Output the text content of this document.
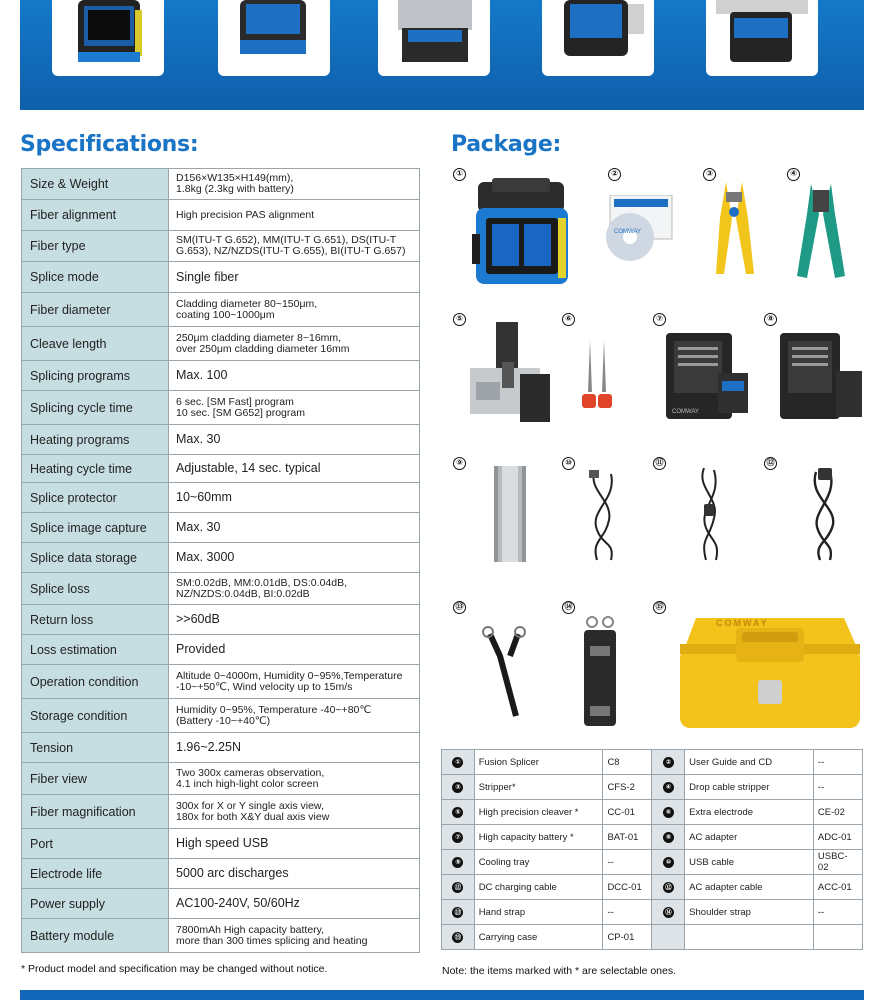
Specifications:
Size & Weight	D156×W135×H149(mm),
1.8kg (2.3kg with battery)
Fiber alignment	High precision PAS alignment
Fiber type	SM(ITU-T G.652), MM(ITU-T G.651), DS(ITU-T G.653), NZ/NZDS(ITU-T G.655), BI(ITU-T G.657)
Splice mode	Single fiber
Fiber diameter	Cladding diameter 80~150μm,
coating 100~1000μm
Cleave length	250μm cladding diameter 8~16mm,
over 250μm cladding diameter 16mm
Splicing programs	Max. 100
Splicing cycle time	6 sec. [SM Fast] program
10 sec. [SM G652] program
Heating programs	Max. 30
Heating cycle time	Adjustable, 14 sec. typical
Splice protector	10~60mm
Splice image capture	Max. 30
Splice data storage	Max. 3000
Splice loss	SM:0.02dB, MM:0.01dB, DS:0.04dB,
NZ/NZDS:0.04dB, BI:0.02dB
Return loss	>>60dB
Loss estimation	Provided
Operation condition	Altitude 0~4000m, Humidity 0~95%,Temperature
-10~+50℃, Wind velocity up to 15m/s
Storage condition	Humidity 0~95%, Temperature -40~+80℃
(Battery -10~+40℃)
Tension	1.96~2.25N
Fiber view	Two 300x cameras observation,
4.1 inch high-light color screen
Fiber magnification	300x for X or Y single axis view,
180x for both X&Y dual axis view
Port	High speed USB
Electrode life	5000 arc discharges
Power supply	AC100-240V, 50/60Hz
Battery module	7800mAh High capacity battery,
more than 300 times splicing and heating
* Product model and specification may be changed without notice.
Package:
①	②	③	④
⑤	⑥	⑦	⑧
⑨	⑩	⑪	⑫
⑬	⑭	⑮
COMWAY
COMWAY
COMWAY
①	Fusion Splicer	C8	②	User Guide and CD	--
③	Stripper*	CFS-2	④	Drop cable stripper	--
⑤	High precision cleaver *	CC-01	⑥	Extra electrode	CE-02
⑦	High capacity battery *	BAT-01	⑧	AC adapter	ADC-01
⑨	Cooling tray	--	⑩	USB cable	USBC-02
⑪	DC charging cable	DCC-01	⑫	AC adapter cable	ACC-01
⑬	Hand strap	--	⑭	Shoulder strap	--
⑮	Carrying case	CP-01			
Note: the items marked with * are selectable ones.
